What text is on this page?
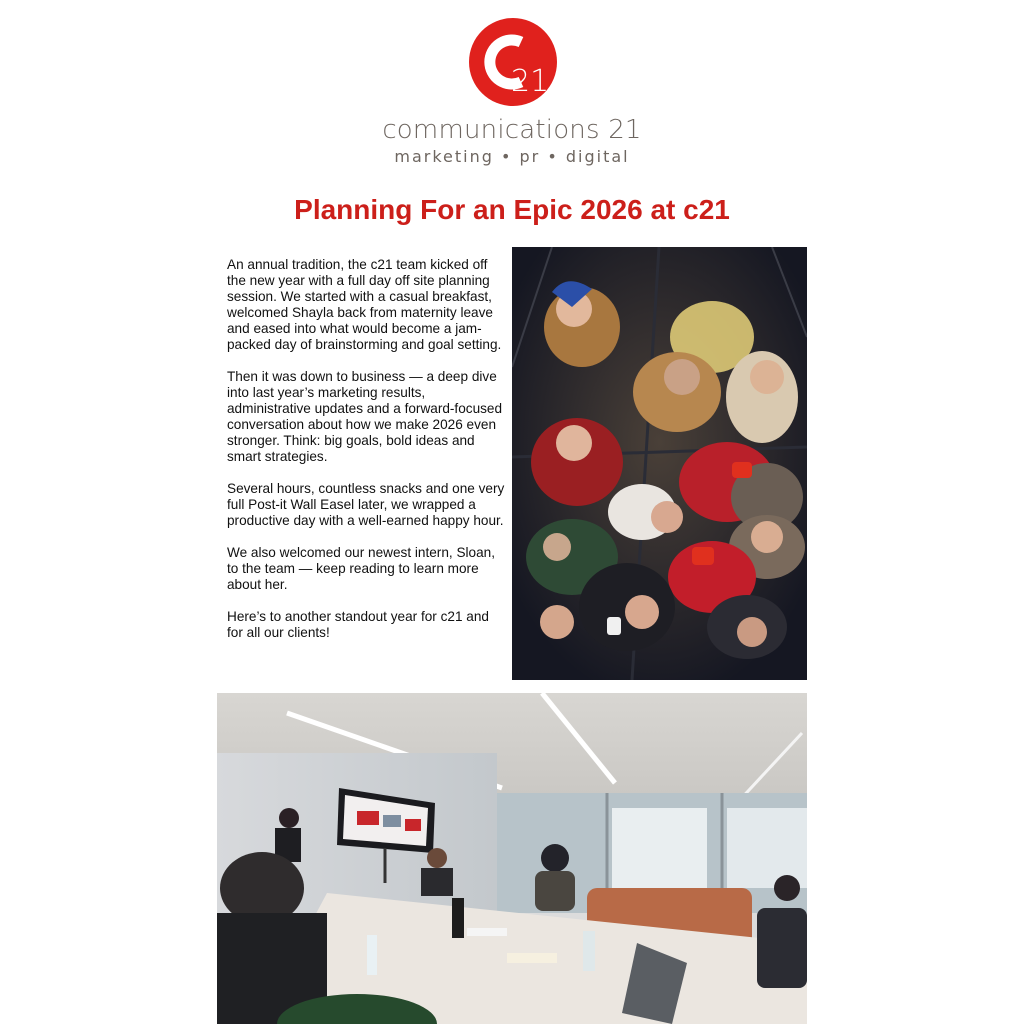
21
communications 21
marketing • pr • digital
Planning For an Epic 2026 at c21

An annual tradition, the c21 team kicked off the new year with a full day off site planning session. We started with a casual breakfast, welcomed Shayla back from maternity leave and eased into what would become a jam-packed day of brainstorming and goal setting.

Then it was down to business — a deep dive into last year’s marketing results, administrative updates and a forward-focused conversation about how we make 2026 even stronger. Think: big goals, bold ideas and smart strategies.

Several hours, countless snacks and one very full Post-it Wall Easel later, we wrapped a productive day with a well-earned happy hour.

We also welcomed our newest intern, Sloan, to the team — keep reading to learn more about her.

Here’s to another standout year for c21 and for all our clients!
